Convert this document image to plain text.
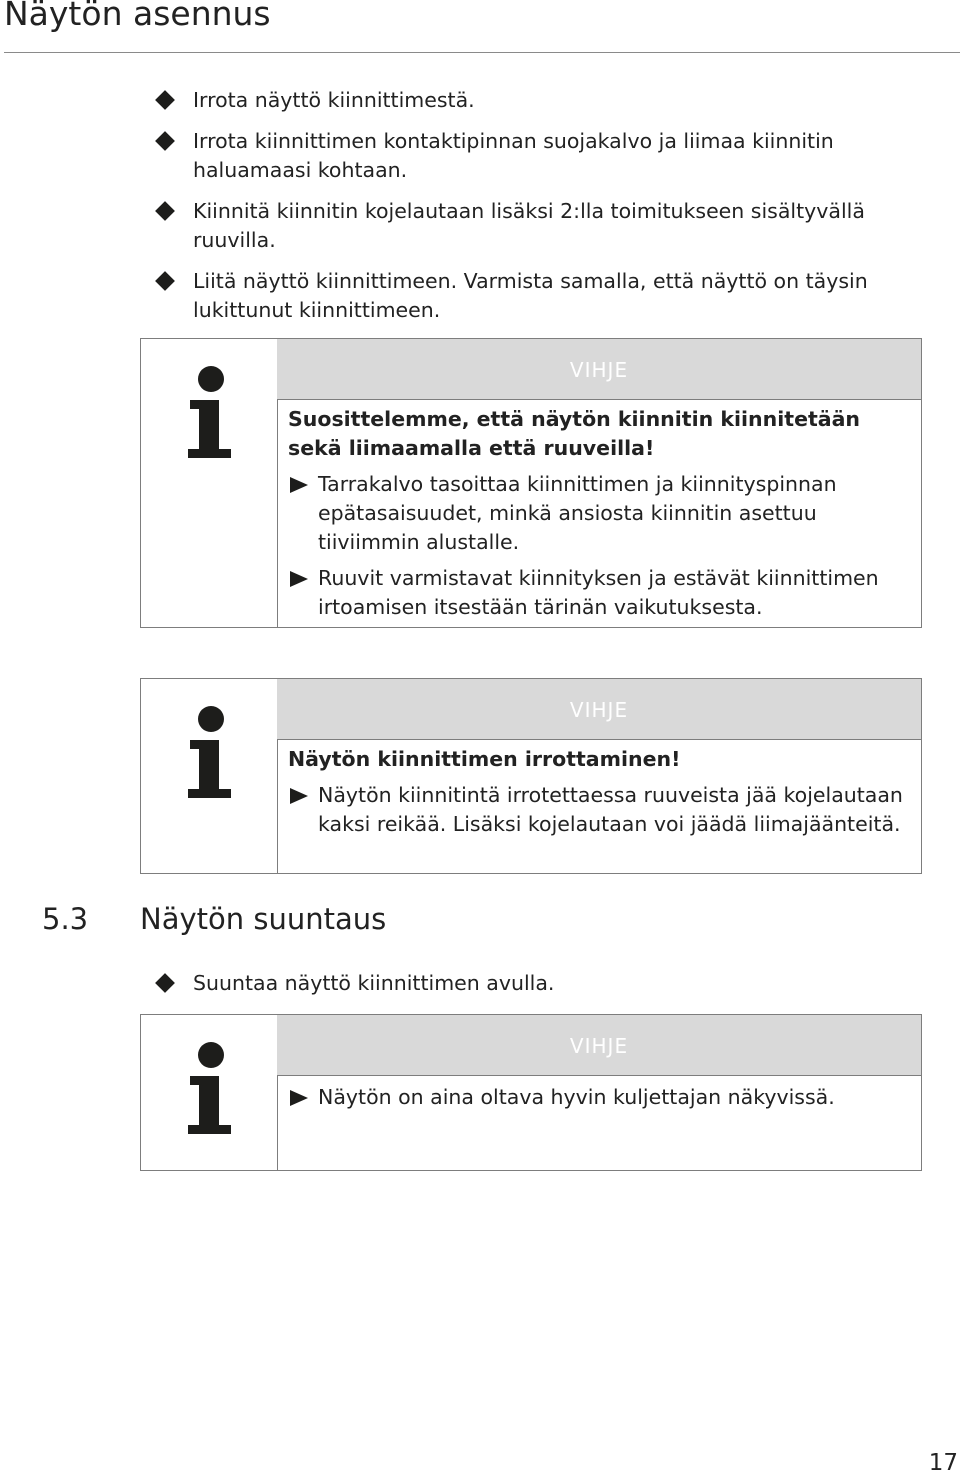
Näytön asennus
Irrota näyttö kiinnittimestä.
Irrota kiinnittimen kontaktipinnan suojakalvo ja liimaa kiinnitin haluamaasi kohtaan.
Kiinnitä kiinnitin kojelautaan lisäksi 2:lla toimitukseen sisältyvällä ruuvilla.
Liitä näyttö kiinnittimeen. Varmista samalla, että näyttö on täysin lukittunut kiinnittimeen.
VIHJE

Suosittelemme, että näytön kiinnitin kiinnitetään sekä liimaamalla että ruuveilla!

Tarrakalvo tasoittaa kiinnittimen ja kiinnityspinnan epätasaisuudet, minkä ansiosta kiinnitin asettuu tiiviimmin alustalle.
Ruuvit varmistavat kiinnityksen ja estävät kiinnittimen irtoamisen itsestään tärinän vaikutuksesta.
VIHJE

Näytön kiinnittimen irrottaminen!

Näytön kiinnitintä irrotettaessa ruuveista jää kojelautaan kaksi reikää. Lisäksi kojelautaan voi jäädä liimajäänteitä.
5.3 Näytön suuntaus
Suuntaa näyttö kiinnittimen avulla.
VIHJE
Näytön on aina oltava hyvin kuljettajan näkyvissä.
17
